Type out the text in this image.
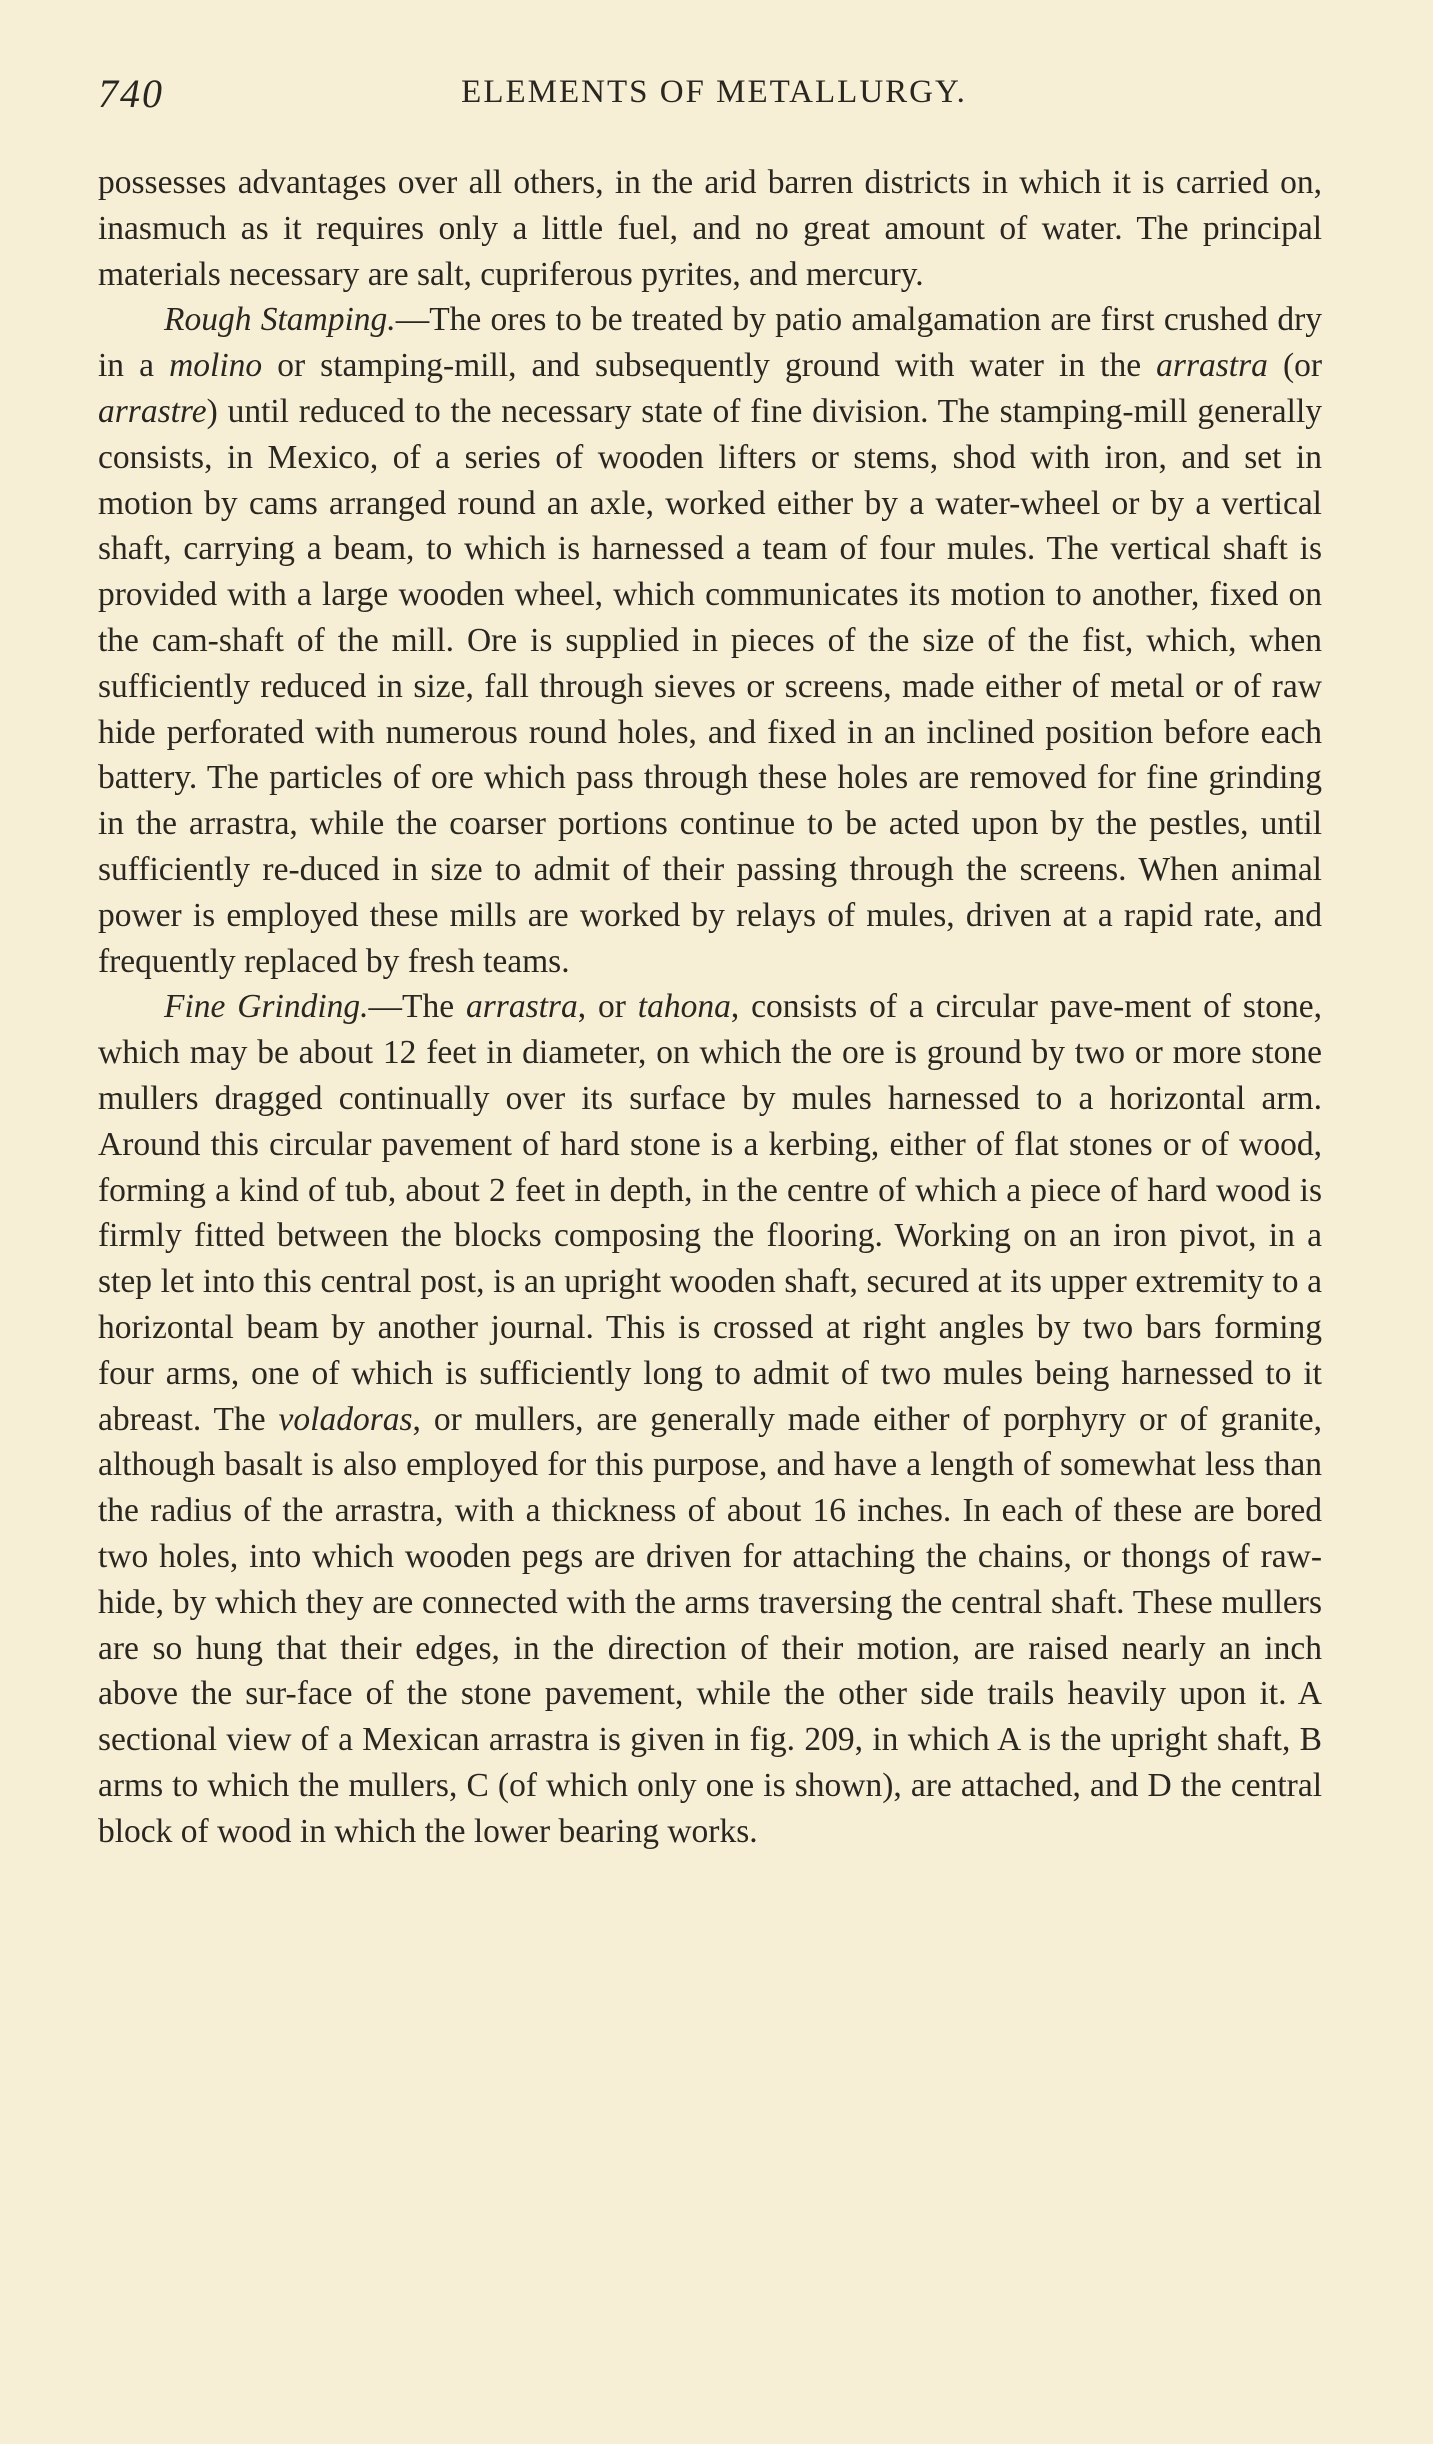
740	ELEMENTS OF METALLURGY.

possesses advantages over all others, in the arid barren districts in which it is carried on, inasmuch as it requires only a little fuel, and no great amount of water. The principal materials necessary are salt, cupriferous pyrites, and mercury.

Rough Stamping.—The ores to be treated by patio amalgamation are first crushed dry in a molino or stamping-mill, and subsequently ground with water in the arrastra (or arrastre) until reduced to the necessary state of fine division. The stamping-mill generally consists, in Mexico, of a series of wooden lifters or stems, shod with iron, and set in motion by cams arranged round an axle, worked either by a water-wheel or by a vertical shaft, carrying a beam, to which is harnessed a team of four mules. The vertical shaft is provided with a large wooden wheel, which communicates its motion to another, fixed on the cam-shaft of the mill. Ore is supplied in pieces of the size of the fist, which, when sufficiently reduced in size, fall through sieves or screens, made either of metal or of raw hide perforated with numerous round holes, and fixed in an inclined position before each battery. The particles of ore which pass through these holes are removed for fine grinding in the arrastra, while the coarser portions continue to be acted upon by the pestles, until sufficiently re-duced in size to admit of their passing through the screens. When animal power is employed these mills are worked by relays of mules, driven at a rapid rate, and frequently replaced by fresh teams.

Fine Grinding.—The arrastra, or tahona, consists of a circular pave-ment of stone, which may be about 12 feet in diameter, on which the ore is ground by two or more stone mullers dragged continually over its surface by mules harnessed to a horizontal arm. Around this circular pavement of hard stone is a kerbing, either of flat stones or of wood, forming a kind of tub, about 2 feet in depth, in the centre of which a piece of hard wood is firmly fitted between the blocks composing the flooring. Working on an iron pivot, in a step let into this central post, is an upright wooden shaft, secured at its upper extremity to a horizontal beam by another journal. This is crossed at right angles by two bars forming four arms, one of which is sufficiently long to admit of two mules being harnessed to it abreast. The voladoras, or mullers, are generally made either of porphyry or of granite, although basalt is also employed for this purpose, and have a length of somewhat less than the radius of the arrastra, with a thickness of about 16 inches. In each of these are bored two holes, into which wooden pegs are driven for attaching the chains, or thongs of raw-hide, by which they are connected with the arms traversing the central shaft. These mullers are so hung that their edges, in the direction of their motion, are raised nearly an inch above the sur-face of the stone pavement, while the other side trails heavily upon it. A sectional view of a Mexican arrastra is given in fig. 209, in which A is the upright shaft, B arms to which the mullers, C (of which only one is shown), are attached, and D the central block of wood in which the lower bearing works.
